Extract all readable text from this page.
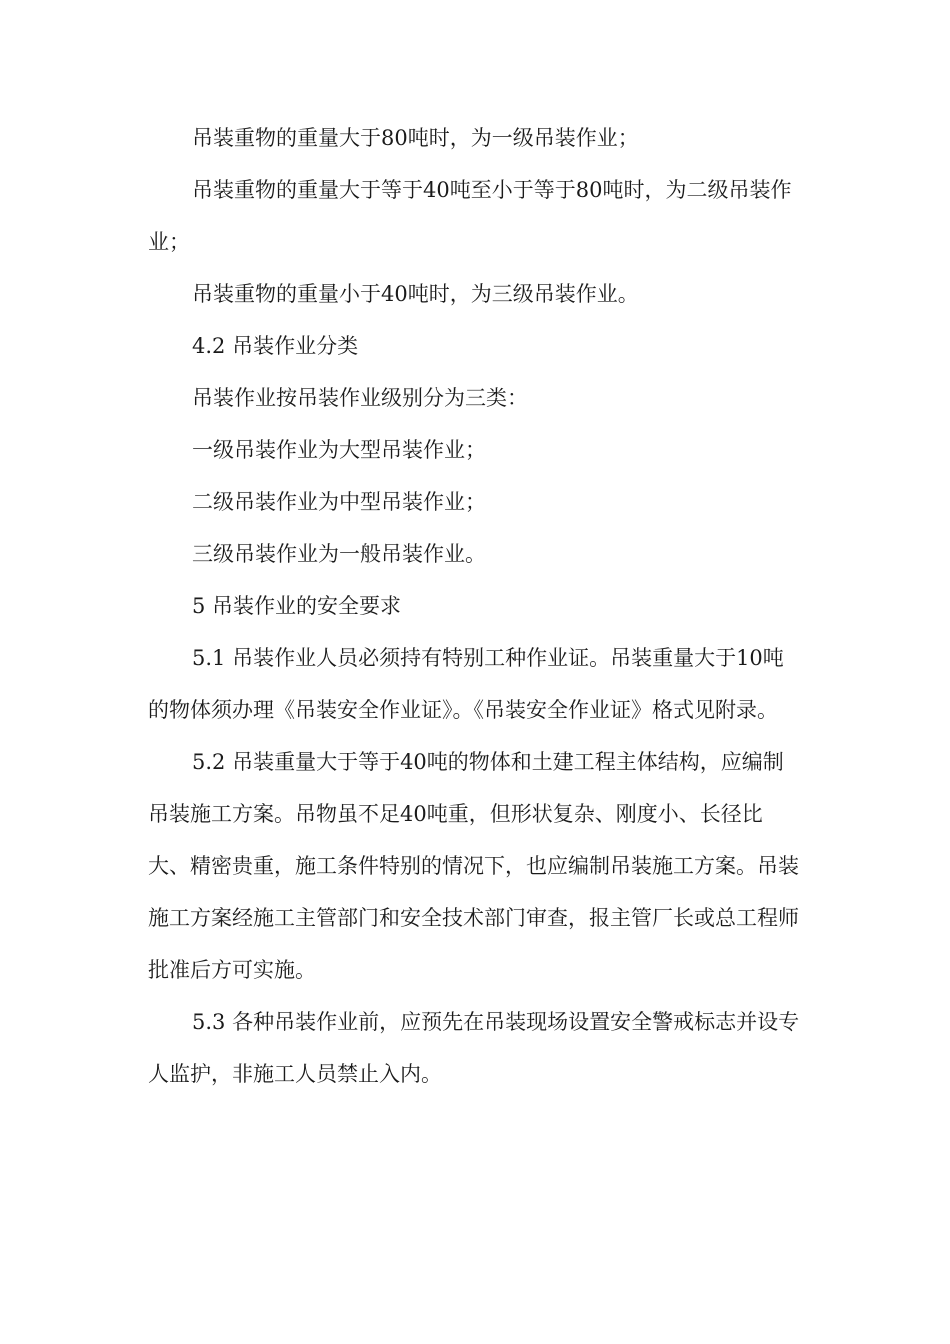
吊装重物的重量大于80吨时，为一级吊装作业；

吊装重物的重量大于等于40吨至小于等于80吨时，为二级吊装作业；

吊装重物的重量小于40吨时，为三级吊装作业。

4.2 吊装作业分类

吊装作业按吊装作业级别分为三类：

一级吊装作业为大型吊装作业；

二级吊装作业为中型吊装作业；

三级吊装作业为一般吊装作业。

5 吊装作业的安全要求

5.1 吊装作业人员必须持有特别工种作业证。吊装重量大于10吨的物体须办理《吊装安全作业证》。《吊装安全作业证》格式见附录。

5.2 吊装重量大于等于40吨的物体和土建工程主体结构，应编制吊装施工方案。吊物虽不足40吨重，但形状复杂、刚度小、长径比大、精密贵重，施工条件特别的情况下，也应编制吊装施工方案。吊装施工方案经施工主管部门和安全技术部门审查，报主管厂长或总工程师批准后方可实施。

5.3 各种吊装作业前，应预先在吊装现场设置安全警戒标志并设专人监护，非施工人员禁止入内。
